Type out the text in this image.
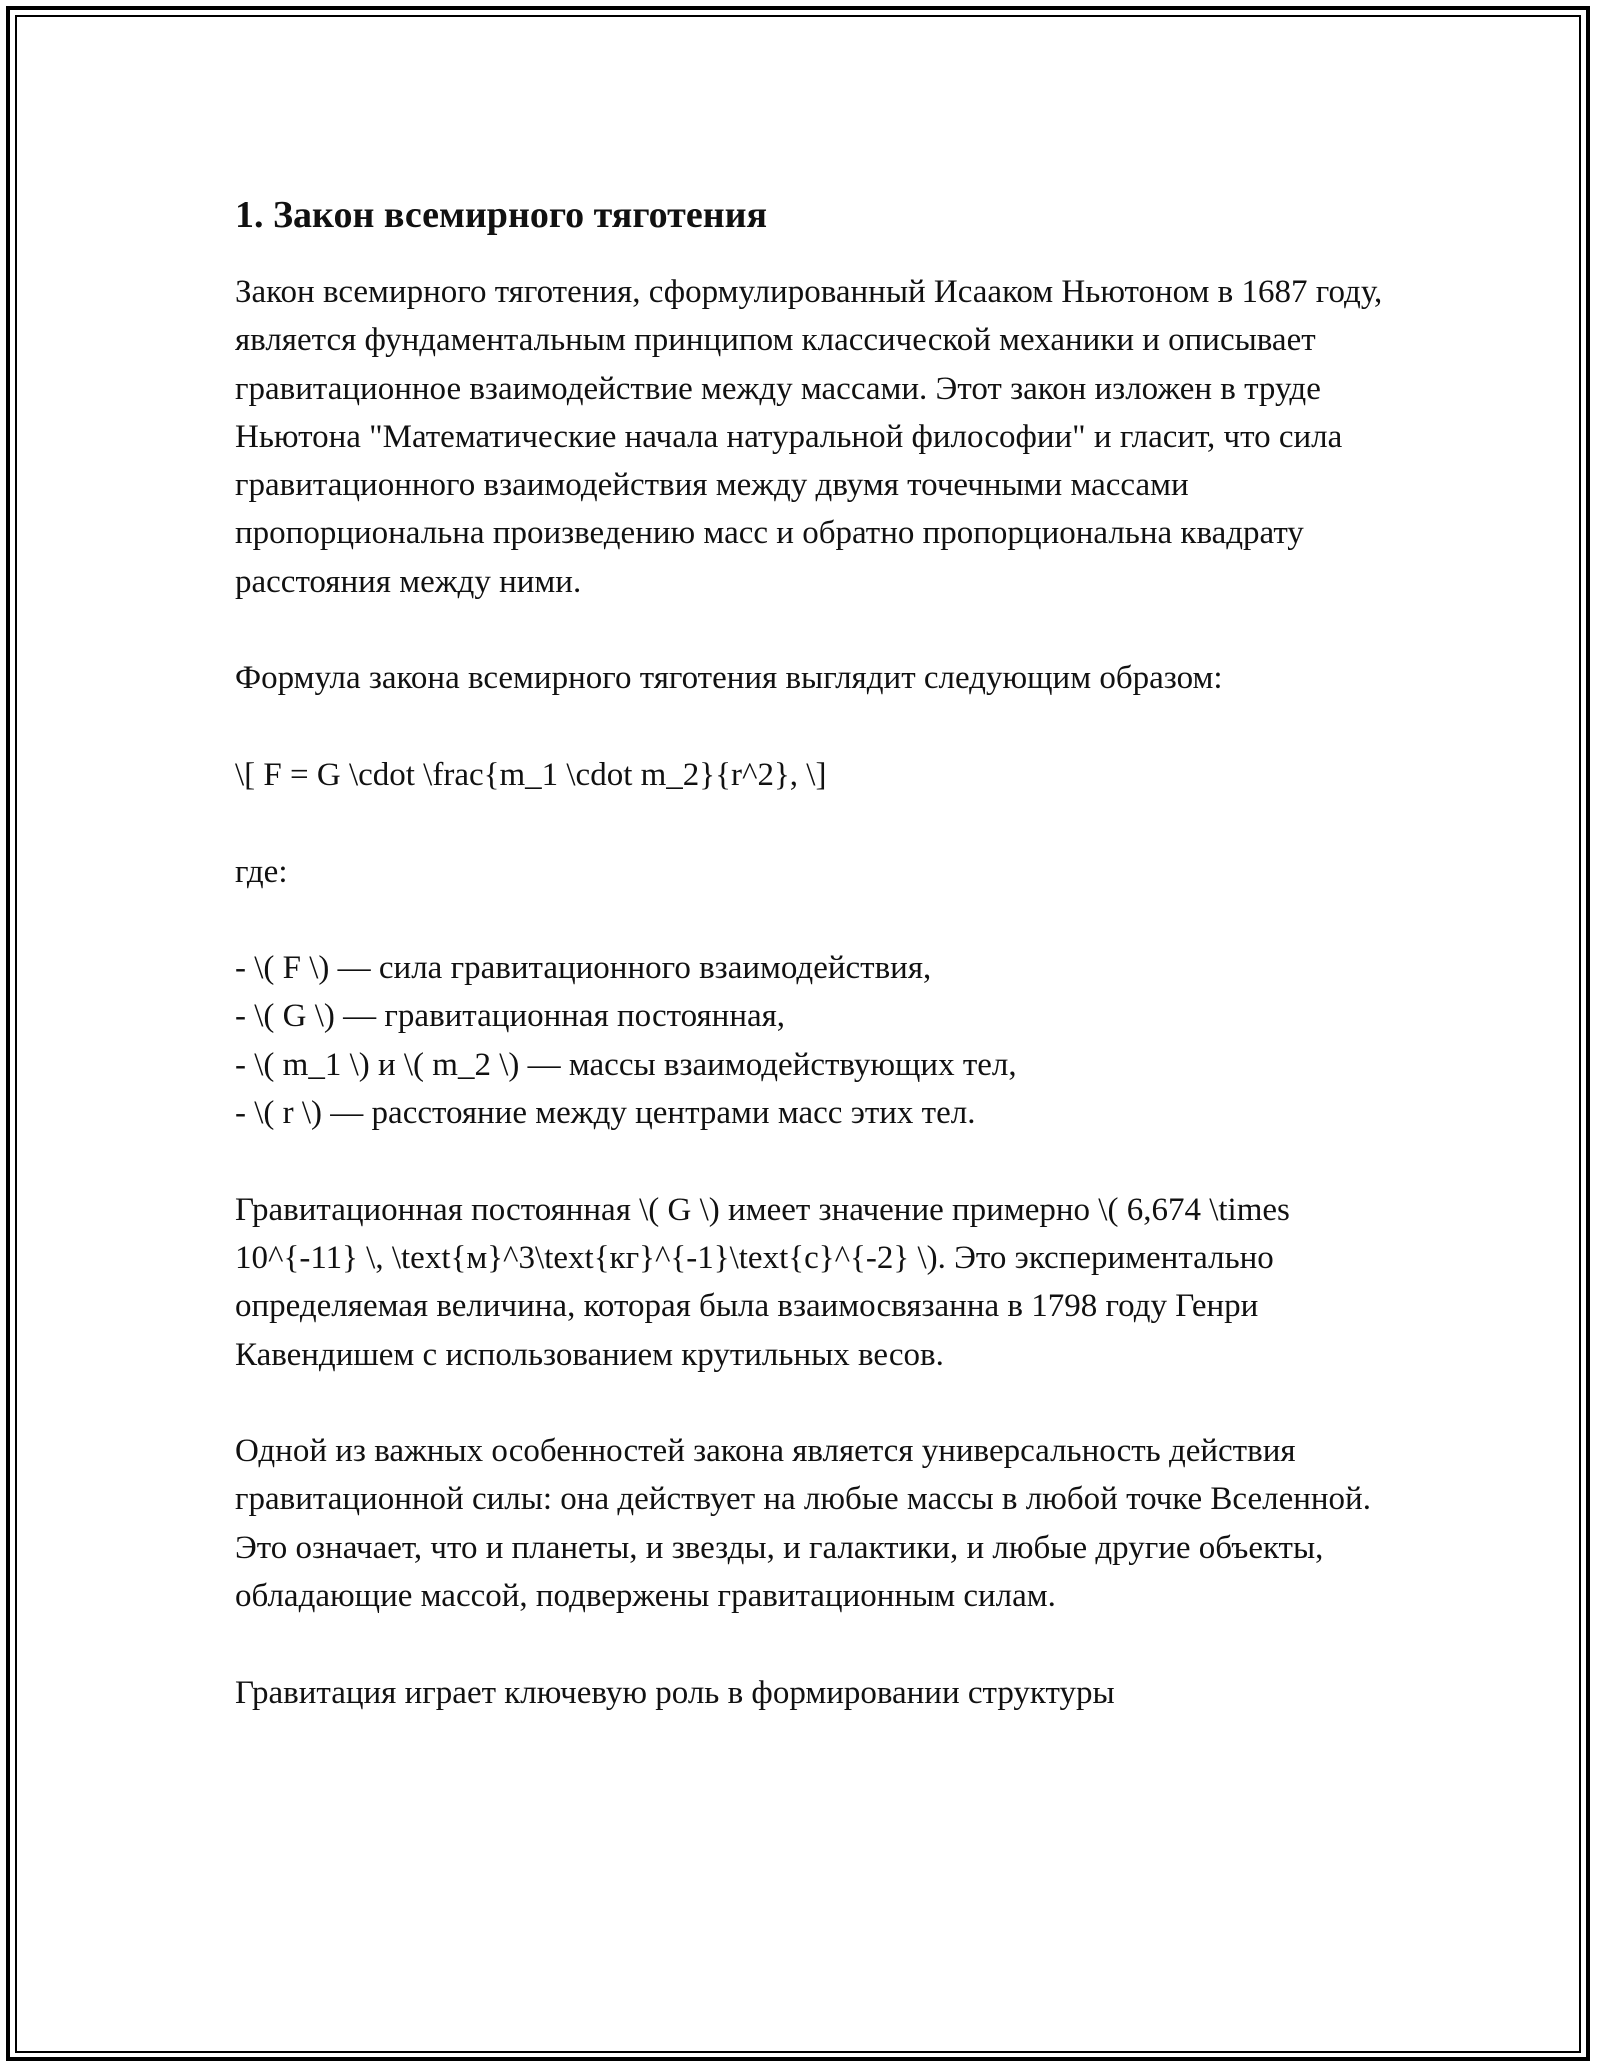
1. Закон всемирного тяготения

Закон всемирного тяготения, сформулированный Исааком Ньютоном в 1687 году, является фундаментальным принципом классической механики и описывает гравитационное взаимодействие между массами. Этот закон изложен в труде Ньютона "Математические начала натуральной философии" и гласит, что сила гравитационного взаимодействия между двумя точечными массами пропорциональна произведению масс и обратно пропорциональна квадрату расстояния между ними.

Формула закона всемирного тяготения выглядит следующим образом:

\[ F = G \cdot \frac{m_1 \cdot m_2}{r^2}, \]

где:

- \( F \) — сила гравитационного взаимодействия,
- \( G \) — гравитационная постоянная,
- \( m_1 \) и \( m_2 \) — массы взаимодействующих тел,
- \( r \) — расстояние между центрами масс этих тел.

Гравитационная постоянная \( G \) имеет значение примерно \( 6,674 \times 10^{-11} \, \text{м}^3\text{кг}^{-1}\text{с}^{-2} \). Это экспериментально определяемая величина, которая была взаимосвязанна в 1798 году Генри Кавендишем с использованием крутильных весов.

Одной из важных особенностей закона является универсальность действия гравитационной силы: она действует на любые массы в любой точке Вселенной. Это означает, что и планеты, и звезды, и галактики, и любые другие объекты, обладающие массой, подвержены гравитационным силам.

Гравитация играет ключевую роль в формировании структуры
